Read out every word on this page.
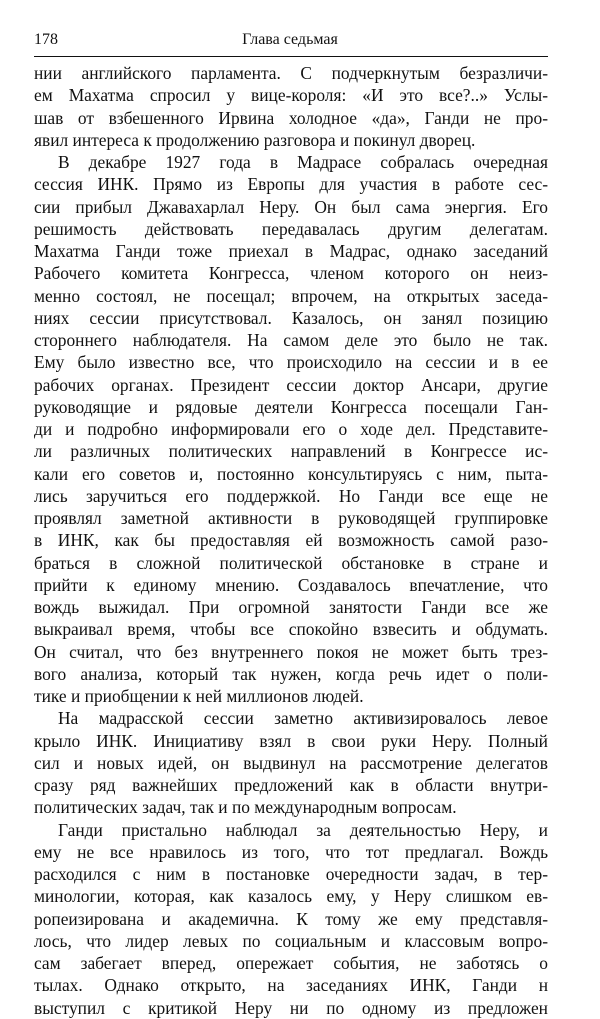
178	Глава седьмая
нии английского парламента. С подчеркнутым безразличи-
ем Махатма спросил у вице-короля: «И это все?..» Услы-
шав от взбешенного Ирвина холодное «да», Ганди не про-
явил интереса к продолжению разговора и покинул дворец.
В декабре 1927 года в Мадрасе собралась очередная
сессия ИНК. Прямо из Европы для участия в работе сес-
сии прибыл Джавахарлал Неру. Он был сама энергия. Его
решимость действовать передавалась другим делегатам.
Махатма Ганди тоже приехал в Мадрас, однако заседаний
Рабочего комитета Конгресса, членом которого он неиз-
менно состоял, не посещал; впрочем, на открытых заседа-
ниях сессии присутствовал. Казалось, он занял позицию
стороннего наблюдателя. На самом деле это было не так.
Ему было известно все, что происходило на сессии и в ее
рабочих органах. Президент сессии доктор Ансари, другие
руководящие и рядовые деятели Конгресса посещали Ган-
ди и подробно информировали его о ходе дел. Представите-
ли различных политических направлений в Конгрессе ис-
кали его советов и, постоянно консультируясь с ним, пыта-
лись заручиться его поддержкой. Но Ганди все еще не
проявлял заметной активности в руководящей группировке
в ИНК, как бы предоставляя ей возможность самой разо-
браться в сложной политической обстановке в стране и
прийти к единому мнению. Создавалось впечатление, что
вождь выжидал. При огромной занятости Ганди все же
выкраивал время, чтобы все спокойно взвесить и обдумать.
Он считал, что без внутреннего покоя не может быть трез-
вого анализа, который так нужен, когда речь идет о поли-
тике и приобщении к ней миллионов людей.
На мадрасской сессии заметно активизировалось левое
крыло ИНК. Инициативу взял в свои руки Неру. Полный
сил и новых идей, он выдвинул на рассмотрение делегатов
сразу ряд важнейших предложений как в области внутри-
политических задач, так и по международным вопросам.
Ганди пристально наблюдал за деятельностью Неру, и
ему не все нравилось из того, что тот предлагал. Вождь
расходился с ним в постановке очередности задач, в тер-
минологии, которая, как казалось ему, у Неру слишком ев-
ропеизирована и академична. К тому же ему представля-
лось, что лидер левых по социальным и классовым вопро-
сам забегает вперед, опережает события, не заботясь о
тылах. Однако открыто, на заседаниях ИНК, Ганди н
выступил с критикой Неру ни по одному из предложен
